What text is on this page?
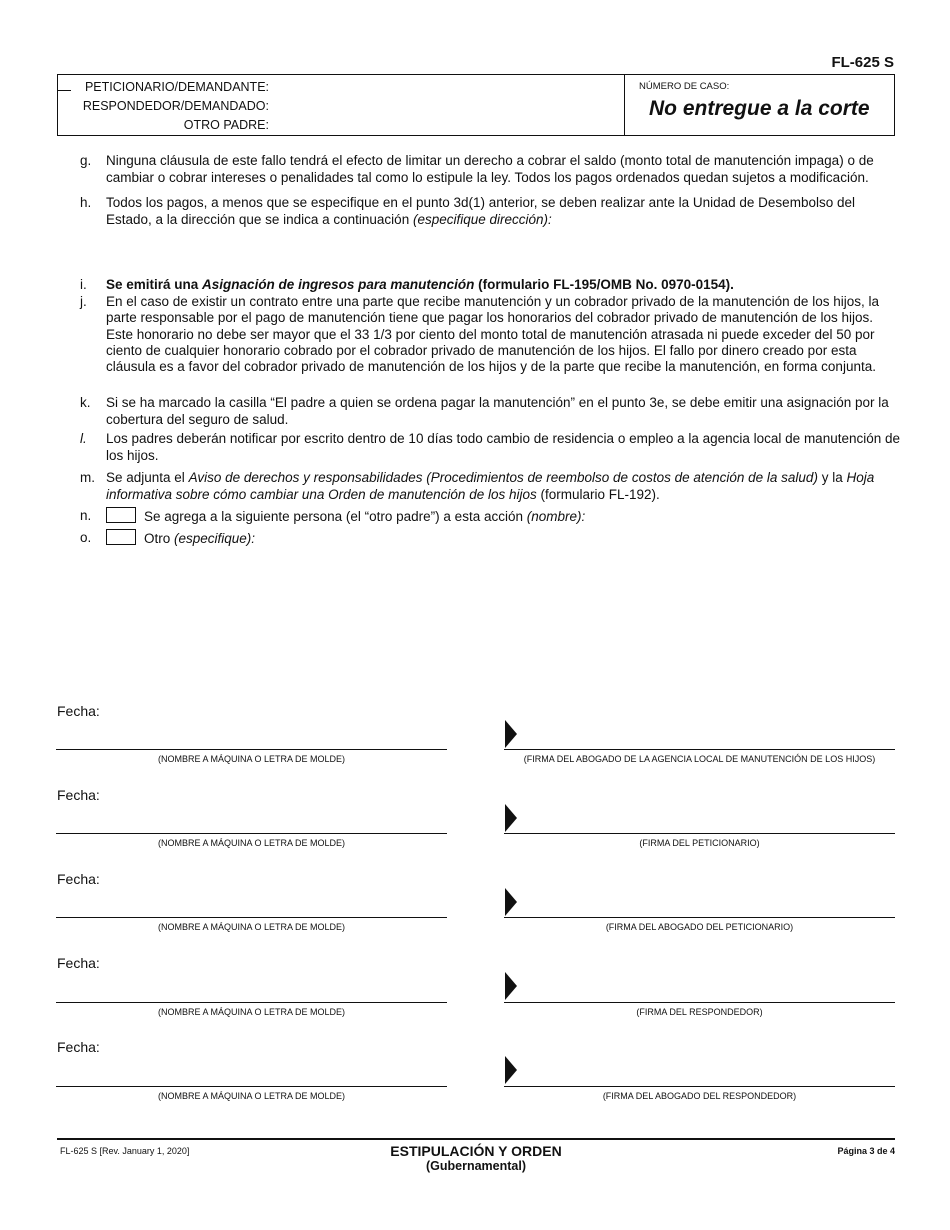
FL-625 S
PETICIONARIO/DEMANDANTE:
RESPONDEDOR/DEMANDADO:
OTRO PADRE:
NÚMERO DE CASO:
No entregue a la corte
g.	Ninguna cláusula de este fallo tendrá el efecto de limitar un derecho a cobrar el saldo (monto total de manutención impaga) o de cambiar o cobrar intereses o penalidades tal como lo estipule la ley. Todos los pagos ordenados quedan sujetos a modificación.
h.	Todos los pagos, a menos que se especifique en el punto 3d(1) anterior, se deben realizar ante la Unidad de Desembolso del Estado, a la dirección que se indica a continuación (especifique dirección):
i.	Se emitirá una Asignación de ingresos para manutención (formulario FL-195/OMB No. 0970-0154).
j.	En el caso de existir un contrato entre una parte que recibe manutención y un cobrador privado de la manutención de los hijos, la parte responsable por el pago de manutención tiene que pagar los honorarios del cobrador privado de manutención de los hijos. Este honorario no debe ser mayor que el 33 1/3 por ciento del monto total de manutención atrasada ni puede exceder del 50 por ciento de cualquier honorario cobrado por el cobrador privado de manutención de los hijos. El fallo por dinero creado por esta cláusula es a favor del cobrador privado de manutención de los hijos y de la parte que recibe la manutención, en forma conjunta.
k.	Si se ha marcado la casilla “El padre a quien se ordena pagar la manutención” en el punto 3e, se debe emitir una asignación por la cobertura del seguro de salud.
l.	Los padres deberán notificar por escrito dentro de 10 días todo cambio de residencia o empleo a la agencia local de manutención de los hijos.
m. Se adjunta el Aviso de derechos y responsabilidades (Procedimientos de reembolso de costos de atención de la salud) y la Hoja informativa sobre cómo cambiar una Orden de manutención de los hijos (formulario FL-192).
n.	Se agrega a la siguiente persona (el “otro padre”) a esta acción (nombre):
o.	Otro (especifique):
Fecha:
(NOMBRE A MÁQUINA O LETRA DE MOLDE)	(FIRMA DEL ABOGADO DE LA AGENCIA LOCAL DE MANUTENCIÓN DE LOS HIJOS)
Fecha:
(NOMBRE A MÁQUINA O LETRA DE MOLDE)	(FIRMA DEL PETICIONARIO)
Fecha:
(NOMBRE A MÁQUINA O LETRA DE MOLDE)	(FIRMA DEL ABOGADO DEL PETICIONARIO)
Fecha:
(NOMBRE A MÁQUINA O LETRA DE MOLDE)	(FIRMA DEL RESPONDEDOR)
Fecha:
(NOMBRE A MÁQUINA O LETRA DE MOLDE)	(FIRMA DEL ABOGADO DEL RESPONDEDOR)
FL-625 S [Rev. January 1, 2020]	ESTIPULACIÓN Y ORDEN
(Gubernamental)
Página 3 de 4
